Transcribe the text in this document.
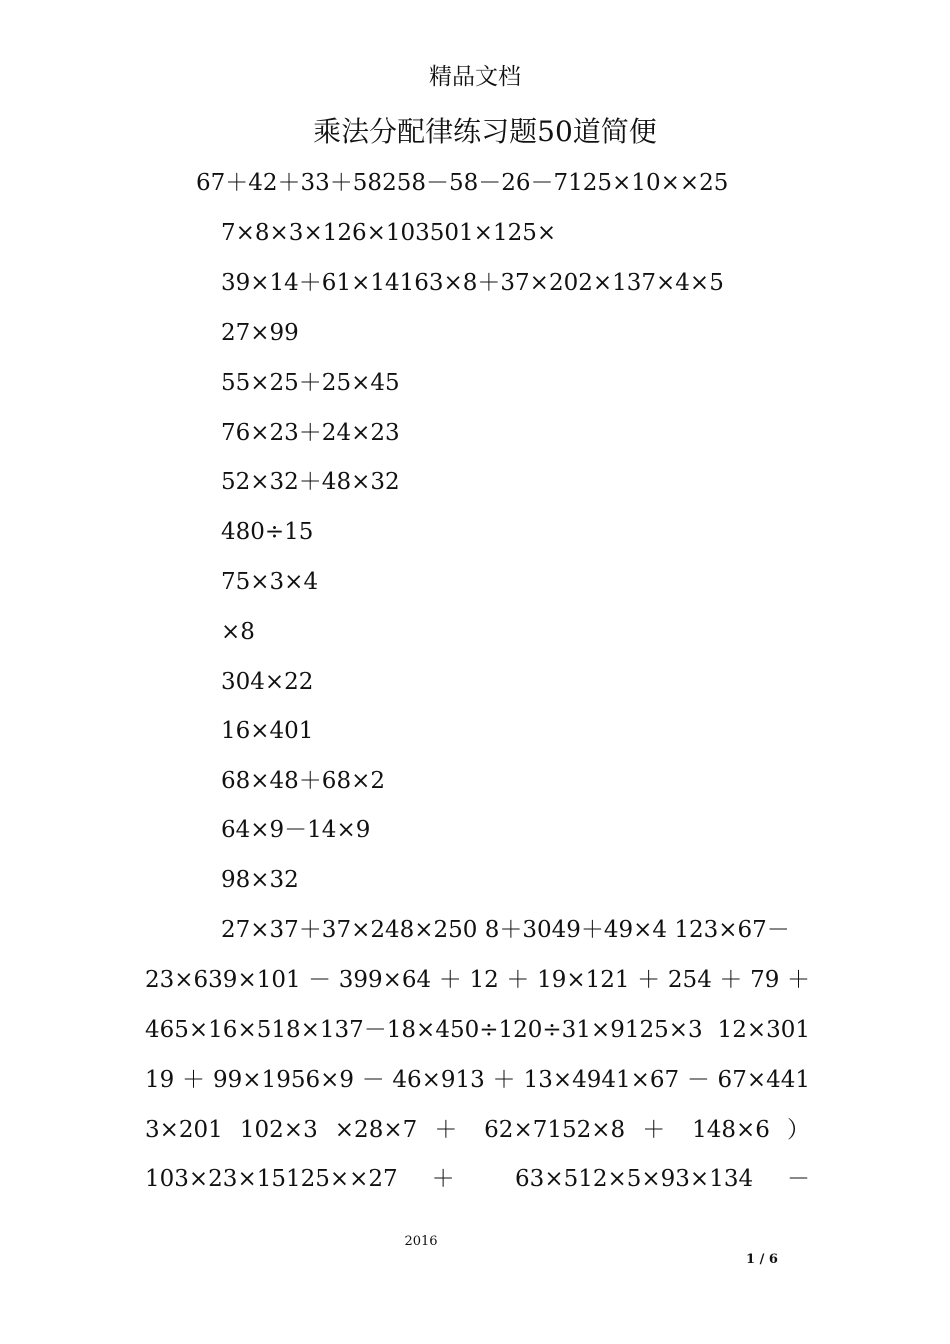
精品文档
乘法分配律练习题50道简便
67＋42＋33＋58258－58－26－7125×10××25
7×8×3×126×103501×125×
39×14＋61×14163×8＋37×202×137×4×5
27×99
55×25＋25×45
76×23＋24×23
52×32＋48×32
480÷15
75×3×4
×8
304×22
16×401
68×48＋68×2
64×9－14×9
98×32
27×37＋37×248×250 8＋3049＋49×4 123×67－
23×639×101 － 399×64 ＋ 12 ＋ 19×121 ＋ 254 ＋ 79 ＋
465×16×518×137－18×450÷120÷31×9125×3 12×301
19 ＋ 99×1956×9 － 46×913 ＋ 13×4941×67 － 67×441
3×201 102×3 ×28×7 ＋ 62×7152×8 ＋ 148×6 ）
103×23×15125××27 ＋ 63×512×5×93×134 －
2016
1 / 6
